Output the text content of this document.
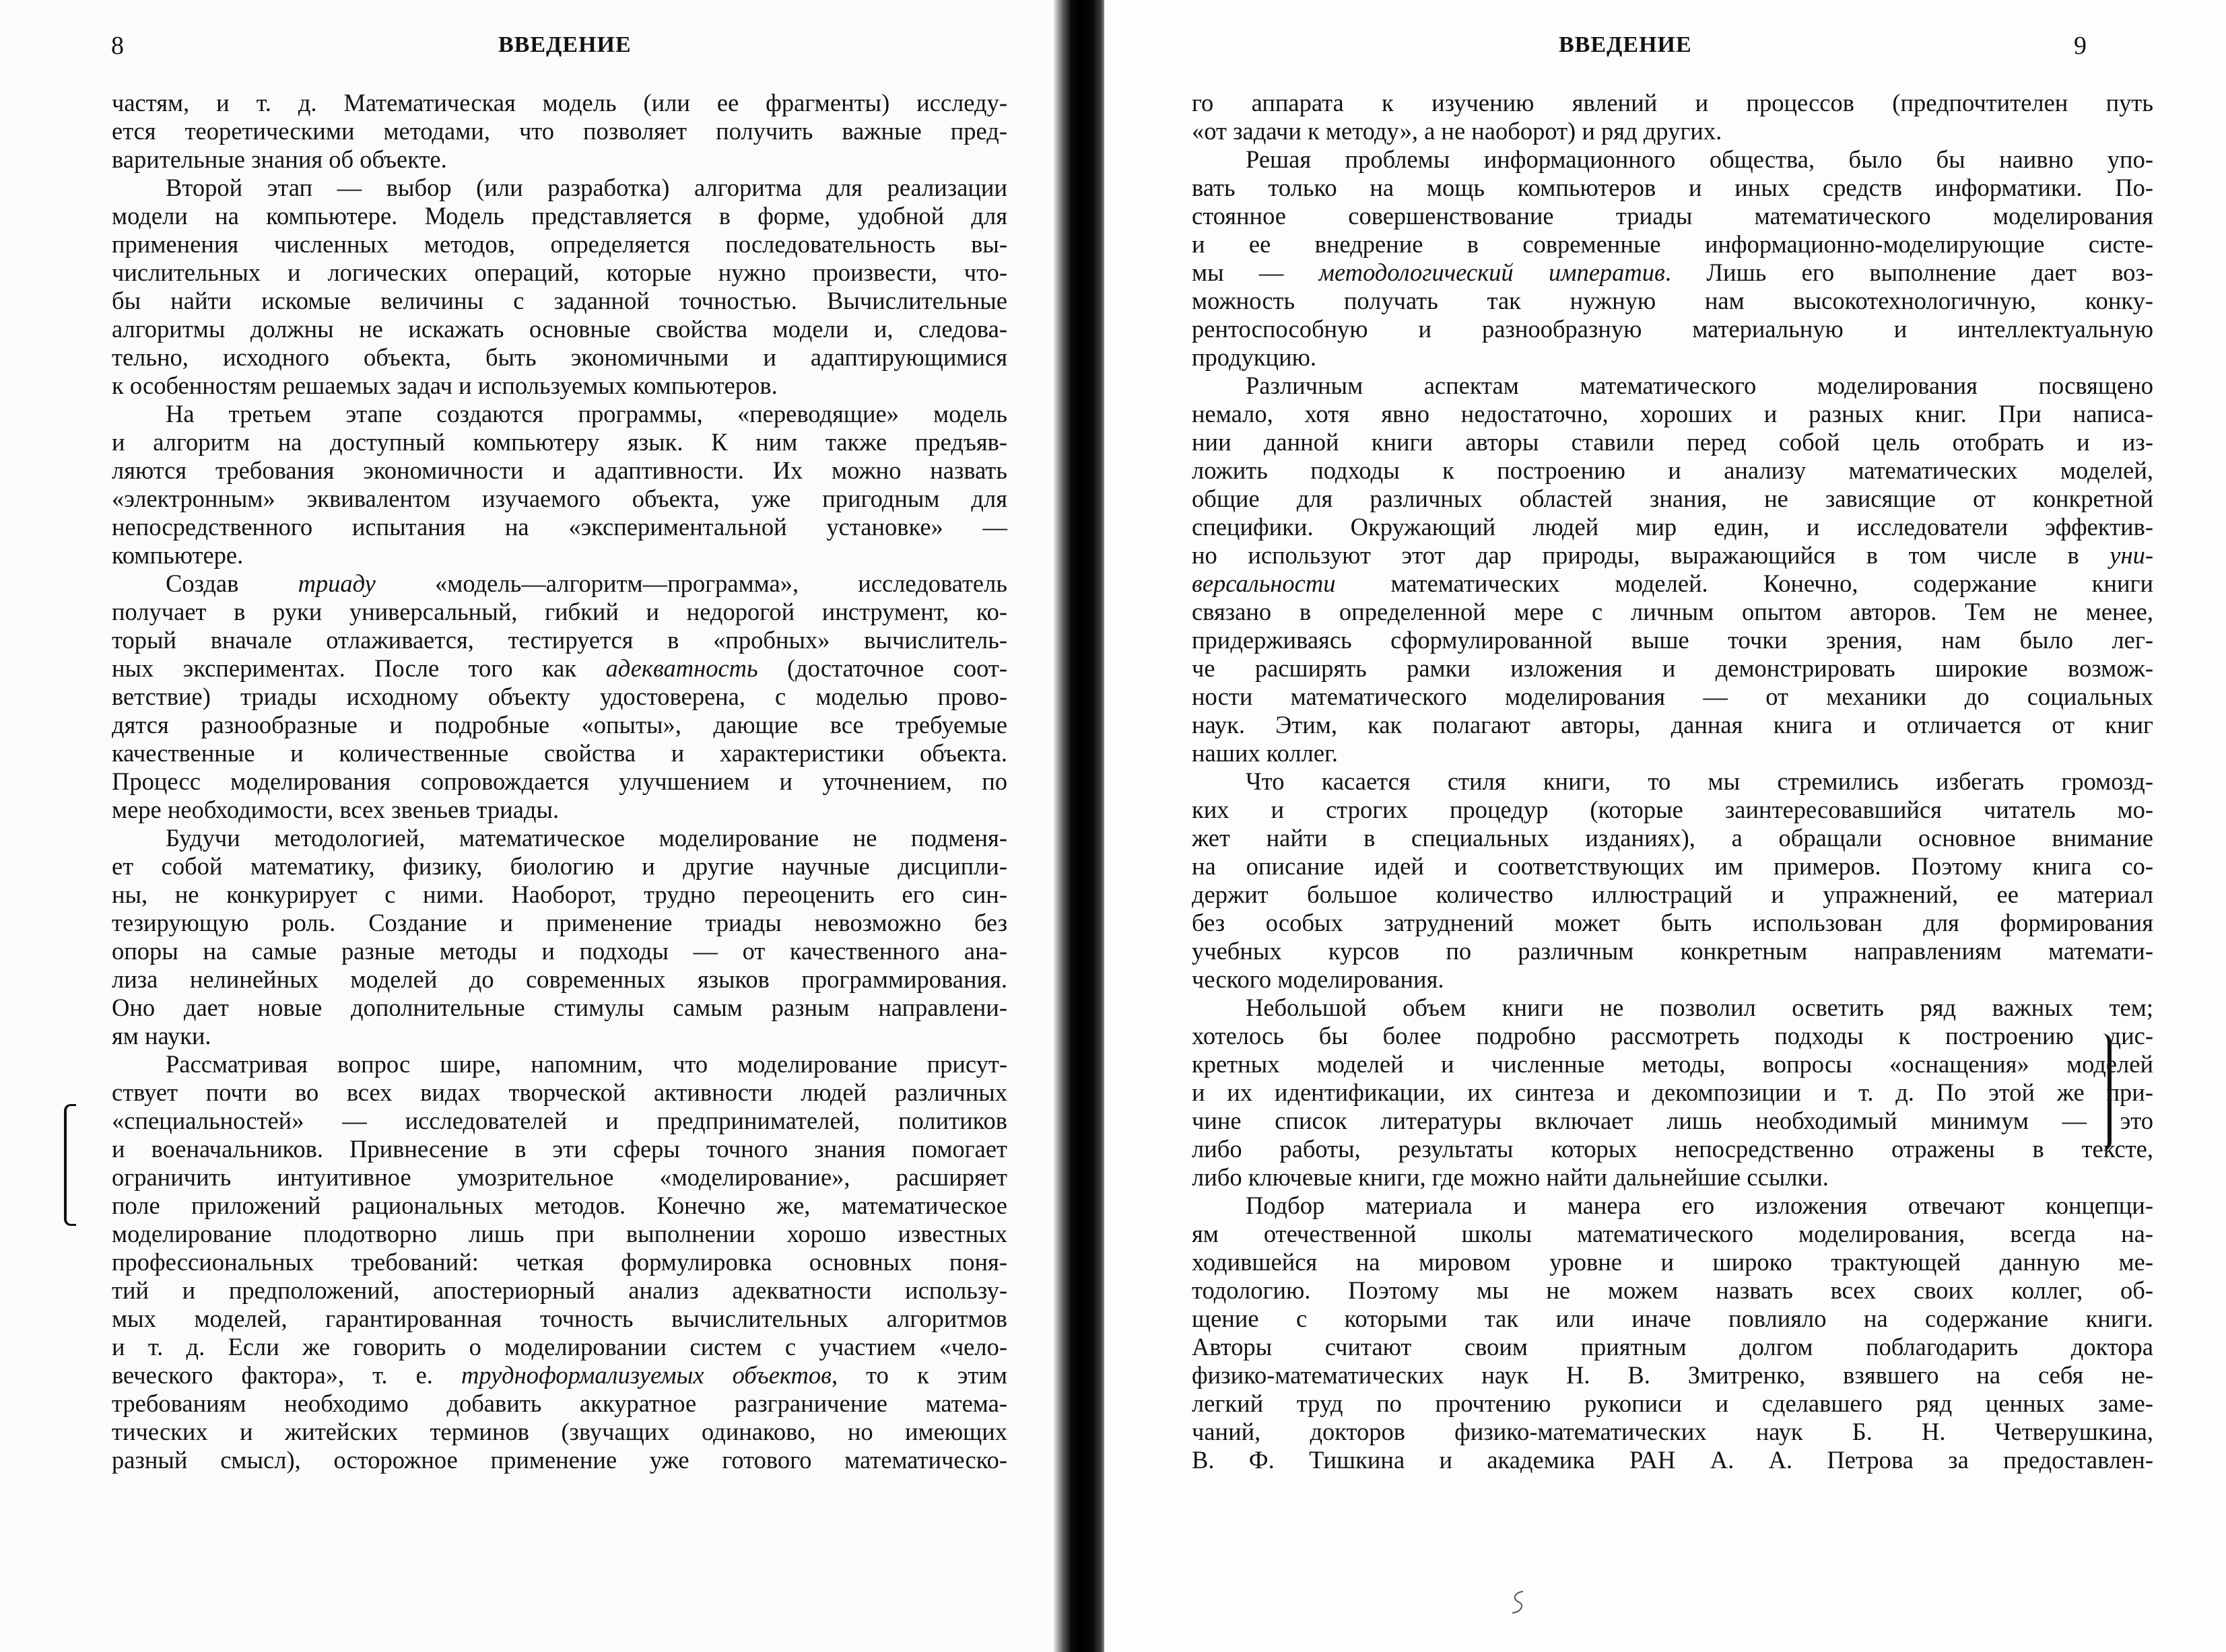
8	ВВЕДЕНИЕ
частям, и т. д. Математическая модель (или ее фрагменты) исследу-
ется теоретическими методами, что позволяет получить важные пред-
варительные знания об объекте.
Второй этап — выбор (или разработка) алгоритма для реализации
модели на компьютере. Модель представляется в форме, удобной для
применения численных методов, определяется последовательность вы-
числительных и логических операций, которые нужно произвести, что-
бы найти искомые величины с заданной точностью. Вычислительные
алгоритмы должны не искажать основные свойства модели и, следова-
тельно, исходного объекта, быть экономичными и адаптирующимися
к особенностям решаемых задач и используемых компьютеров.
На третьем этапе создаются программы, «переводящие» модель
и алгоритм на доступный компьютеру язык. К ним также предъяв-
ляются требования экономичности и адаптивности. Их можно назвать
«электронным» эквивалентом изучаемого объекта, уже пригодным для
непосредственного испытания на «экспериментальной установке» —
компьютере.
Создав триаду «модель—алгоритм—программа», исследователь
получает в руки универсальный, гибкий и недорогой инструмент, ко-
торый вначале отлаживается, тестируется в «пробных» вычислитель-
ных экспериментах. После того как адекватность (достаточное соот-
ветствие) триады исходному объекту удостоверена, с моделью прово-
дятся разнообразные и подробные «опыты», дающие все требуемые
качественные и количественные свойства и характеристики объекта.
Процесс моделирования сопровождается улучшением и уточнением, по
мере необходимости, всех звеньев триады.
Будучи методологией, математическое моделирование не подменя-
ет собой математику, физику, биологию и другие научные дисципли-
ны, не конкурирует с ними. Наоборот, трудно переоценить его син-
тезирующую роль. Создание и применение триады невозможно без
опоры на самые разные методы и подходы — от качественного ана-
лиза нелинейных моделей до современных языков программирования.
Оно дает новые дополнительные стимулы самым разным направлени-
ям науки.
Рассматривая вопрос шире, напомним, что моделирование присут-
ствует почти во всех видах творческой активности людей различных
«специальностей» — исследователей и предпринимателей, политиков
и военачальников. Привнесение в эти сферы точного знания помогает
ограничить интуитивное умозрительное «моделирование», расширяет
поле приложений рациональных методов. Конечно же, математическое
моделирование плодотворно лишь при выполнении хорошо известных
профессиональных требований: четкая формулировка основных поня-
тий и предположений, апостериорный анализ адекватности использу-
мых моделей, гарантированная точность вычислительных алгоритмов
и т. д. Если же говорить о моделировании систем с участием «чело-
веческого фактора», т. е. трудноформализуемых объектов, то к этим
требованиям необходимо добавить аккуратное разграничение матема-
тических и житейских терминов (звучащих одинаково, но имеющих
разный смысл), осторожное применение уже готового математическо-
ВВЕДЕНИЕ	9
го аппарата к изучению явлений и процессов (предпочтителен путь
«от задачи к методу», а не наоборот) и ряд других.
Решая проблемы информационного общества, было бы наивно упо-
вать только на мощь компьютеров и иных средств информатики. По-
стоянное совершенствование триады математического моделирования
и ее внедрение в современные информационно-моделирующие систе-
мы — методологический императив. Лишь его выполнение дает воз-
можность получать так нужную нам высокотехнологичную, конку-
рентоспособную и разнообразную материальную и интеллектуальную
продукцию.
Различным аспектам математического моделирования посвящено
немало, хотя явно недостаточно, хороших и разных книг. При написа-
нии данной книги авторы ставили перед собой цель отобрать и из-
ложить подходы к построению и анализу математических моделей,
общие для различных областей знания, не зависящие от конкретной
специфики. Окружающий людей мир един, и исследователи эффектив-
но используют этот дар природы, выражающийся в том числе в уни-
версальности математических моделей. Конечно, содержание книги
связано в определенной мере с личным опытом авторов. Тем не менее,
придерживаясь сформулированной выше точки зрения, нам было лег-
че расширять рамки изложения и демонстрировать широкие возмож-
ности математического моделирования — от механики до социальных
наук. Этим, как полагают авторы, данная книга и отличается от книг
наших коллег.
Что касается стиля книги, то мы стремились избегать громозд-
ких и строгих процедур (которые заинтересовавшийся читатель мо-
жет найти в специальных изданиях), а обращали основное внимание
на описание идей и соответствующих им примеров. Поэтому книга со-
держит большое количество иллюстраций и упражнений, ее материал
без особых затруднений может быть использован для формирования
учебных курсов по различным конкретным направлениям математи-
ческого моделирования.
Небольшой объем книги не позволил осветить ряд важных тем;
хотелось бы более подробно рассмотреть подходы к построению дис-
кретных моделей и численные методы, вопросы «оснащения» моделей
и их идентификации, их синтеза и декомпозиции и т. д. По этой же при-
чине список литературы включает лишь необходимый минимум — это
либо работы, результаты которых непосредственно отражены в тексте,
либо ключевые книги, где можно найти дальнейшие ссылки.
Подбор материала и манера его изложения отвечают концепци-
ям отечественной школы математического моделирования, всегда на-
ходившейся на мировом уровне и широко трактующей данную ме-
тодологию. Поэтому мы не можем назвать всех своих коллег, об-
щение с которыми так или иначе повлияло на содержание книги.
Авторы считают своим приятным долгом поблагодарить доктора
физико-математических наук Н. В. Змитренко, взявшего на себя не-
легкий труд по прочтению рукописи и сделавшего ряд ценных заме-
чаний, докторов физико-математических наук Б. Н. Четверушкина,
В. Ф. Тишкина и академика РАН А. А. Петрова за предоставлен-
